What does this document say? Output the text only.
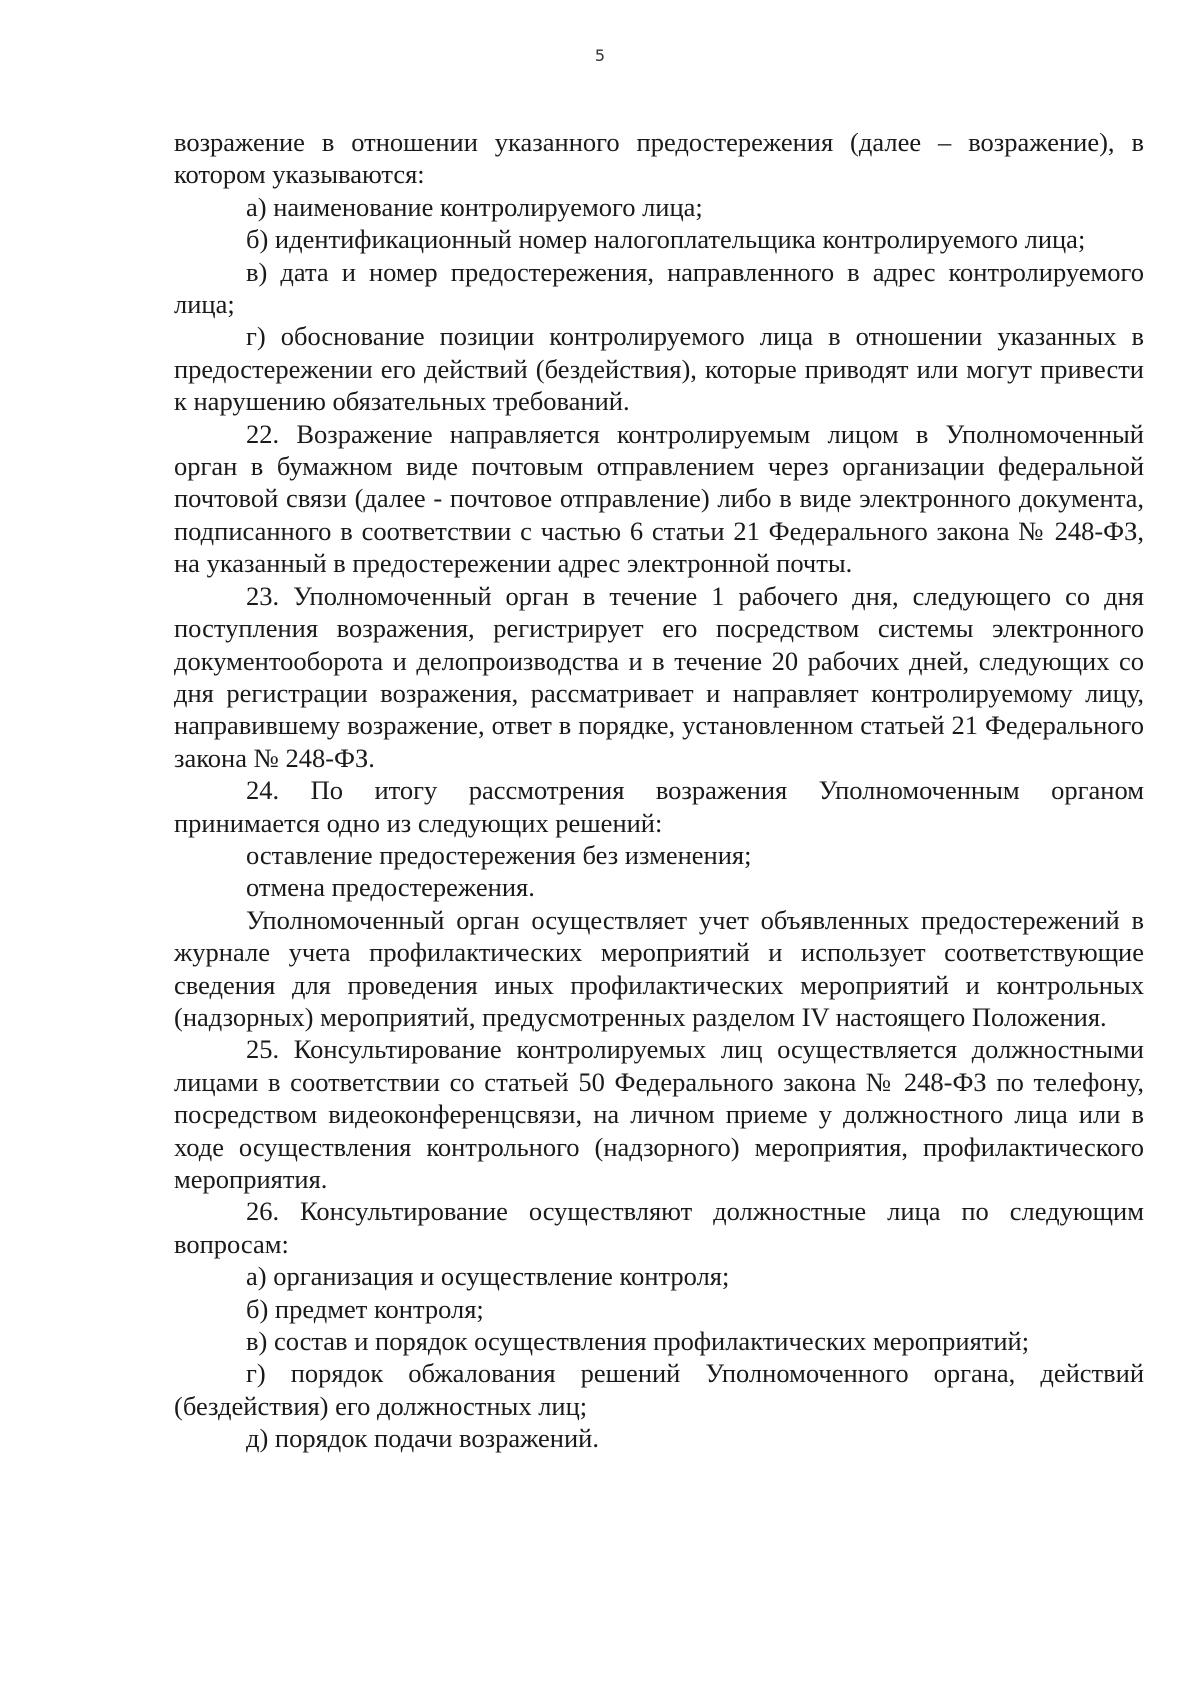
5

возражение в отношении указанного предостережения (далее – возражение), в котором указываются:

а) наименование контролируемого лица;

б) идентификационный номер налогоплательщика контролируемого лица;

в) дата и номер предостережения, направленного в адрес контролируемого лица;

г) обоснование позиции контролируемого лица в отношении указанных в предостережении его действий (бездействия), которые приводят или могут привести к нарушению обязательных требований.

22. Возражение направляется контролируемым лицом в Уполномоченный орган в бумажном виде почтовым отправлением через организации федеральной почтовой связи (далее - почтовое отправление) либо в виде электронного документа, подписанного в соответствии с частью 6 статьи 21 Федерального закона № 248-ФЗ, на указанный в предостережении адрес электронной почты.

23. Уполномоченный орган в течение 1 рабочего дня, следующего со дня поступления возражения, регистрирует его посредством системы электронного документооборота и делопроизводства и в течение 20 рабочих дней, следующих со дня регистрации возражения, рассматривает и направляет контролируемому лицу, направившему возражение, ответ в порядке, установленном статьей 21 Федерального закона № 248-ФЗ.

24. По итогу рассмотрения возражения Уполномоченным органом принимается одно из следующих решений:

оставление предостережения без изменения;

отмена предостережения.

Уполномоченный орган осуществляет учет объявленных предостережений в журнале учета профилактических мероприятий и использует соответствующие сведения для проведения иных профилактических мероприятий и контрольных (надзорных) мероприятий, предусмотренных разделом IV настоящего Положения.

25. Консультирование контролируемых лиц осуществляется должностными лицами в соответствии со статьей 50 Федерального закона № 248-ФЗ по телефону, посредством видеоконференцсвязи, на личном приеме у должностного лица или в ходе осуществления контрольного (надзорного) мероприятия, профилактического мероприятия.

26. Консультирование осуществляют должностные лица по следующим вопросам:

а) организация и осуществление контроля;

б) предмет контроля;

в) состав и порядок осуществления профилактических мероприятий;

г) порядок обжалования решений Уполномоченного органа, действий (бездействия) его должностных лиц;

д) порядок подачи возражений.
